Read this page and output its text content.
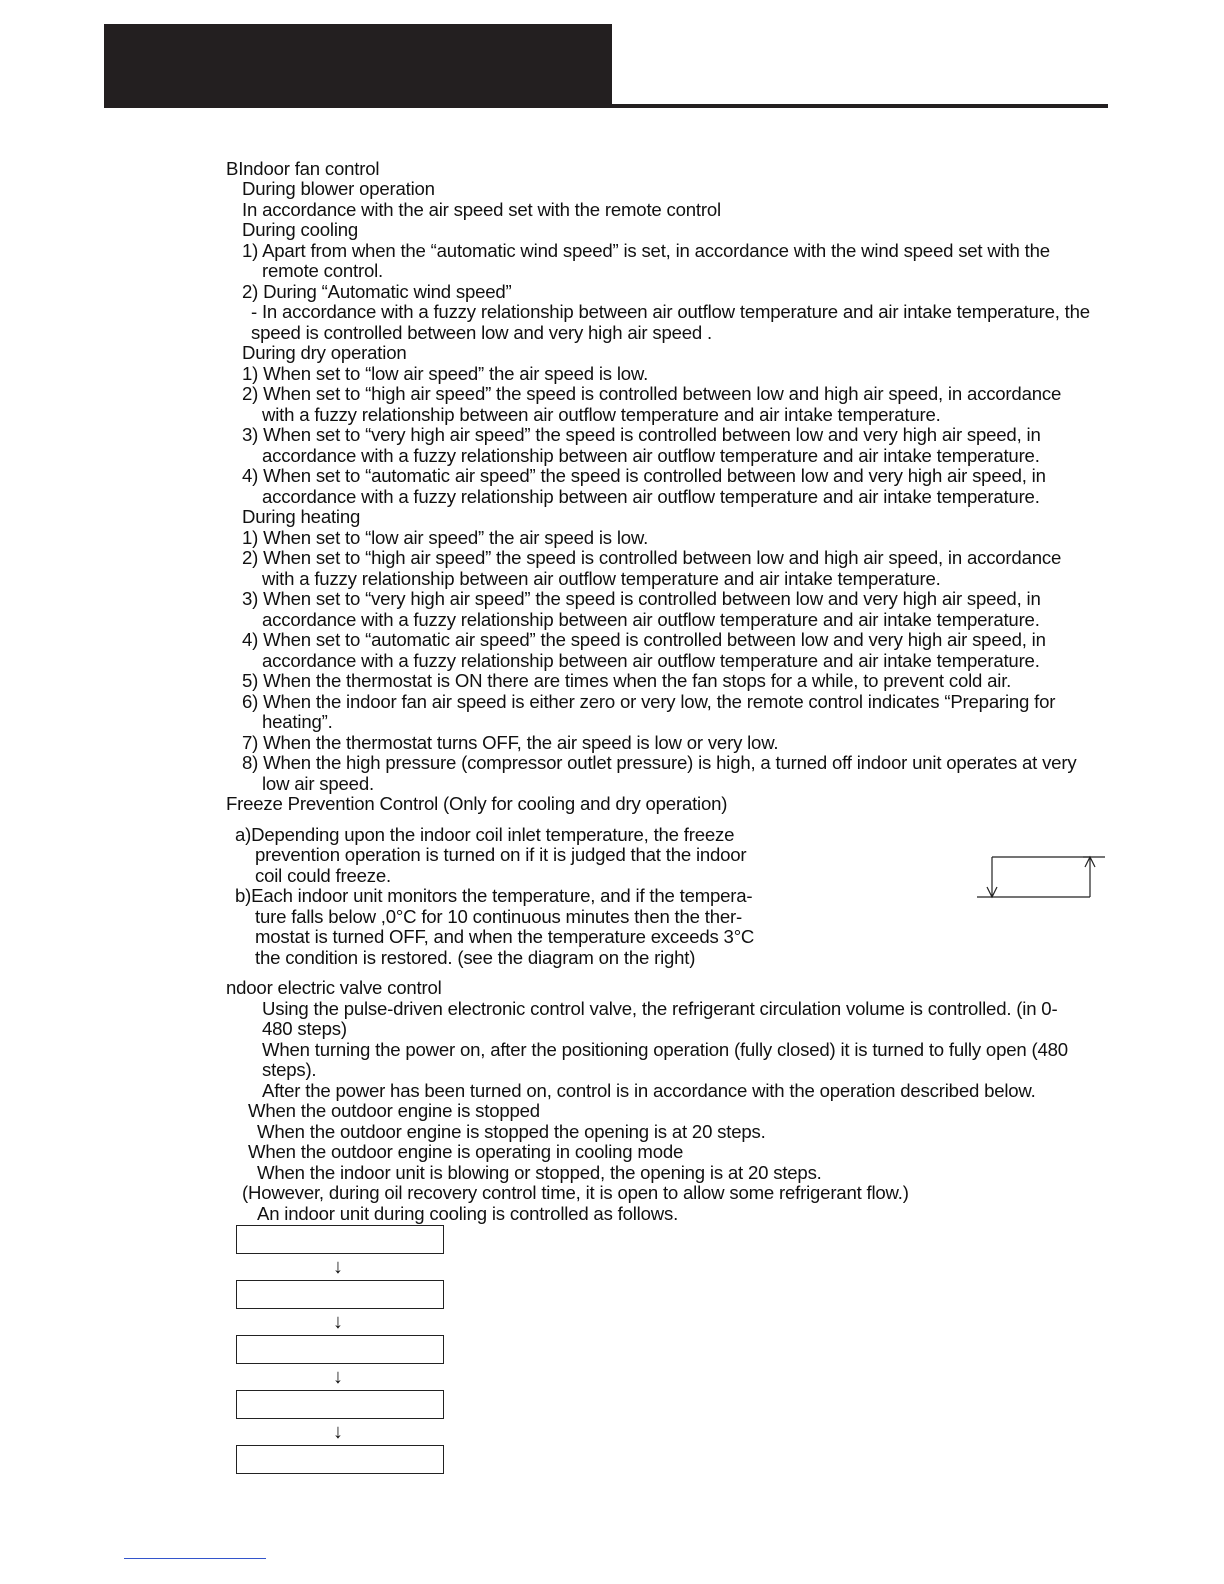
BIndoor fan control
During blower operation
In accordance with the air speed set with the remote control
During cooling
1) Apart from when the “automatic wind speed” is set, in accordance with the wind speed set with the
remote control.
2) During “Automatic wind speed”
- In accordance with a fuzzy relationship between air outflow temperature and air intake temperature, the
speed is controlled between low and very high air speed .
During dry operation
1) When set to “low air speed” the air speed is low.
2) When set to “high air speed” the speed is controlled between low and high air speed, in accordance
with a fuzzy relationship between air outflow temperature and air intake temperature.
3) When set to “very high air speed” the speed is controlled between low and very high air speed, in
accordance with a fuzzy relationship between air outflow temperature and air intake temperature.
4) When set to “automatic air speed” the speed is controlled between low and very high air speed, in
accordance with a fuzzy relationship between air outflow temperature and air intake temperature.
During heating
1) When set to “low air speed” the air speed is low.
2) When set to “high air speed” the speed is controlled between low and high air speed, in accordance
with a fuzzy relationship between air outflow temperature and air intake temperature.
3) When set to “very high air speed” the speed is controlled between low and very high air speed, in
accordance with a fuzzy relationship between air outflow temperature and air intake temperature.
4) When set to “automatic air speed” the speed is controlled between low and very high air speed, in
accordance with a fuzzy relationship between air outflow temperature and air intake temperature.
5) When the thermostat is ON there are times when the fan stops for a while, to prevent cold air.
6) When the indoor fan air speed is either zero or very low, the remote control indicates “Preparing for
heating”.
7) When the thermostat turns OFF, the air speed is low or very low.
8) When the high pressure (compressor outlet pressure) is high, a turned off indoor unit operates at very
low air speed.
Freeze Prevention Control (Only for cooling and dry operation)
a)Depending upon the indoor coil inlet temperature, the freeze
prevention operation is turned on if it is judged that the indoor
coil could freeze.
b)Each indoor unit monitors the temperature, and if the tempera-
ture falls below ,0°C for 10 continuous minutes then the ther-
mostat is turned OFF, and when the temperature exceeds 3°C
the condition is restored. (see the diagram on the right)
ndoor electric valve control
Using the pulse-driven electronic control valve, the refrigerant circulation volume is controlled. (in 0-
480 steps)
When turning the power on, after the positioning operation (fully closed) it is turned to fully open (480
steps).
After the power has been turned on, control is in accordance with the operation described below.
When the outdoor engine is stopped
When the outdoor engine is stopped the opening is at 20 steps.
When the outdoor engine is operating in cooling mode
When the indoor unit is blowing or stopped, the opening is at 20 steps.
(However, during oil recovery control time, it is open to allow some refrigerant flow.)
An indoor unit during cooling is controlled as follows.
↓
↓
↓
↓
